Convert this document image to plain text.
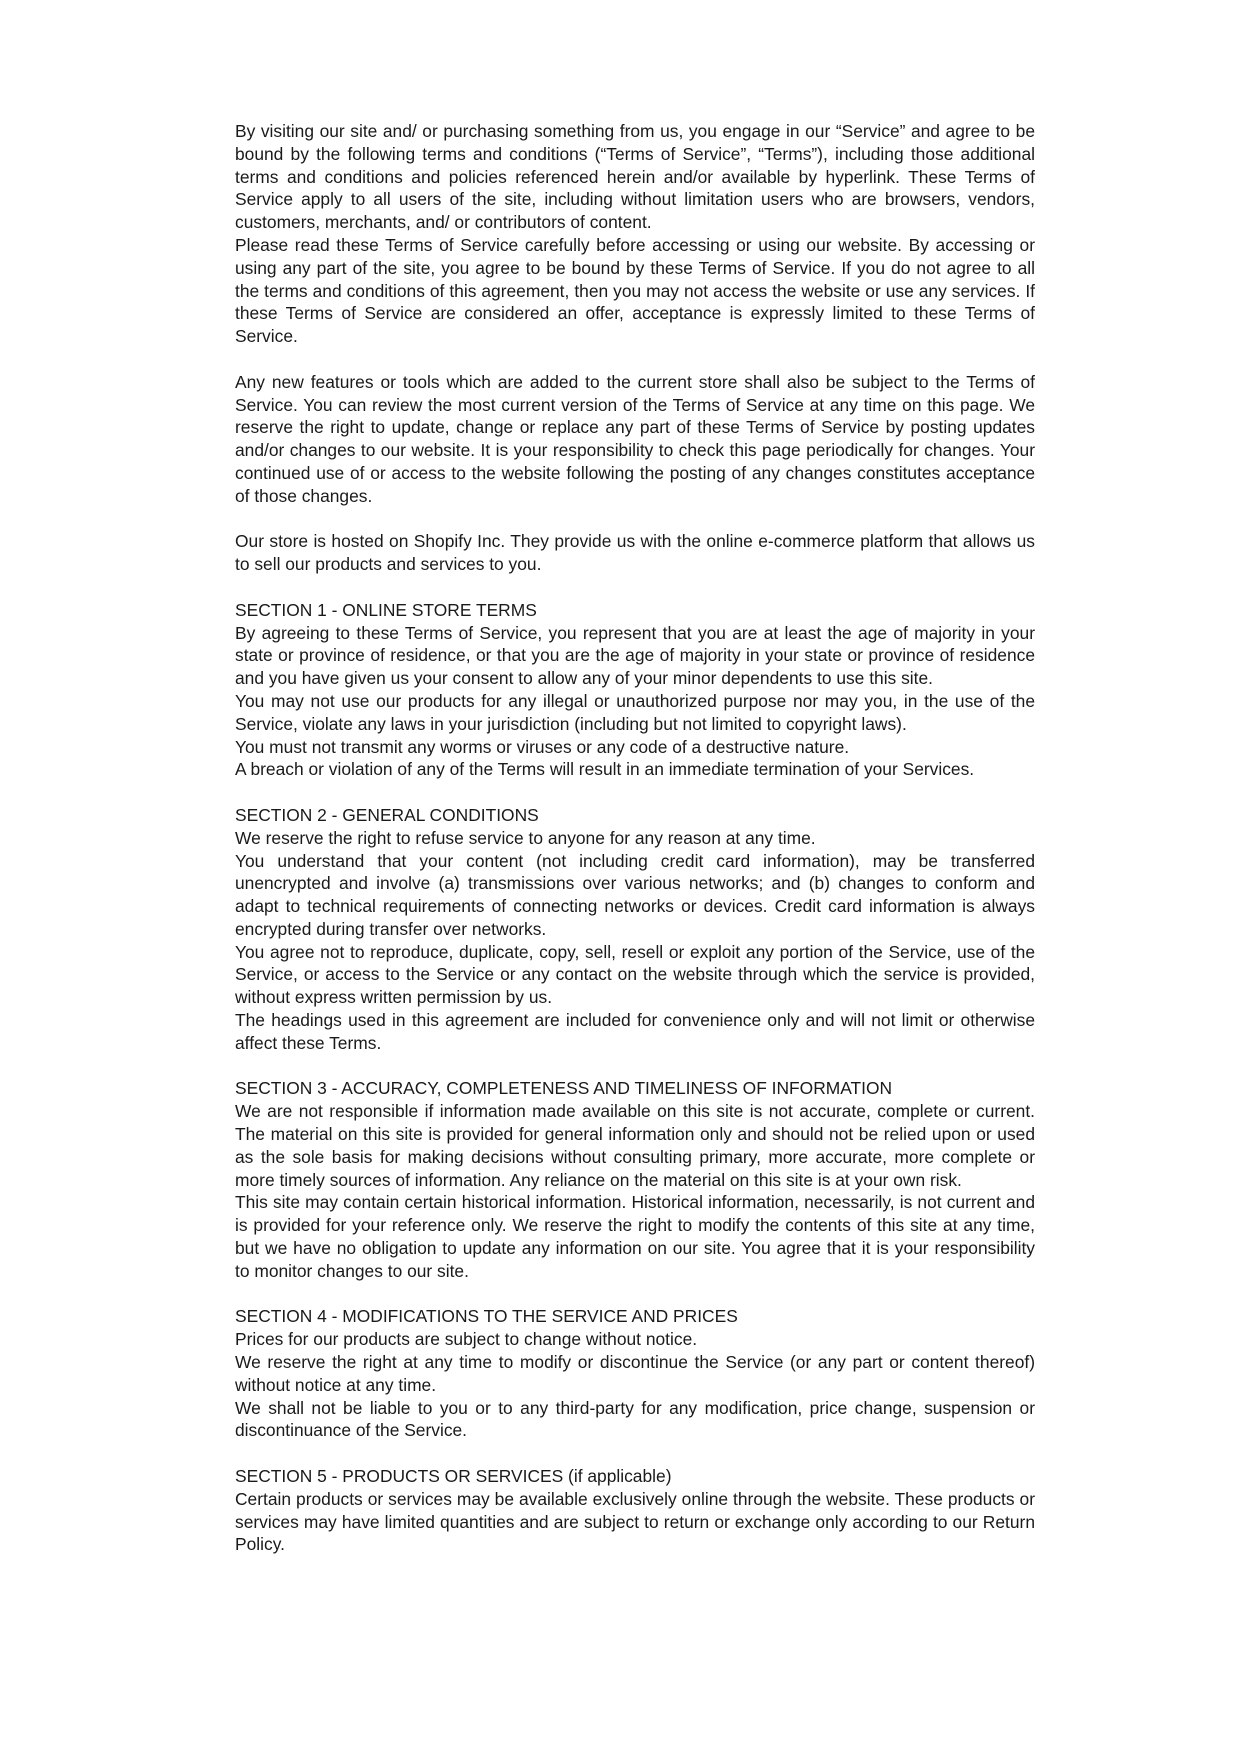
By visiting our site and/ or purchasing something from us, you engage in our “Service” and agree to be bound by the following terms and conditions (“Terms of Service”, “Terms”), including those additional terms and conditions and policies referenced herein and/or available by hyperlink. These Terms of Service apply to all users of the site, including without limitation users who are browsers, vendors, customers, merchants, and/ or contributors of content.

Please read these Terms of Service carefully before accessing or using our website. By accessing or using any part of the site, you agree to be bound by these Terms of Service. If you do not agree to all the terms and conditions of this agreement, then you may not access the website or use any services. If these Terms of Service are considered an offer, acceptance is expressly limited to these Terms of Service.

Any new features or tools which are added to the current store shall also be subject to the Terms of Service. You can review the most current version of the Terms of Service at any time on this page. We reserve the right to update, change or replace any part of these Terms of Service by posting updates and/or changes to our website. It is your responsibility to check this page periodically for changes. Your continued use of or access to the website following the posting of any changes constitutes acceptance of those changes.

Our store is hosted on Shopify Inc. They provide us with the online e-commerce platform that allows us to sell our products and services to you.

SECTION 1 - ONLINE STORE TERMS

By agreeing to these Terms of Service, you represent that you are at least the age of majority in your state or province of residence, or that you are the age of majority in your state or province of residence and you have given us your consent to allow any of your minor dependents to use this site.

You may not use our products for any illegal or unauthorized purpose nor may you, in the use of the Service, violate any laws in your jurisdiction (including but not limited to copyright laws).

You must not transmit any worms or viruses or any code of a destructive nature.

A breach or violation of any of the Terms will result in an immediate termination of your Services.

SECTION 2 - GENERAL CONDITIONS

We reserve the right to refuse service to anyone for any reason at any time.

You understand that your content (not including credit card information), may be transferred unencrypted and involve (a) transmissions over various networks; and (b) changes to conform and adapt to technical requirements of connecting networks or devices. Credit card information is always encrypted during transfer over networks.

You agree not to reproduce, duplicate, copy, sell, resell or exploit any portion of the Service, use of the Service, or access to the Service or any contact on the website through which the service is provided, without express written permission by us.

The headings used in this agreement are included for convenience only and will not limit or otherwise affect these Terms.

SECTION 3 - ACCURACY, COMPLETENESS AND TIMELINESS OF INFORMATION

We are not responsible if information made available on this site is not accurate, complete or current. The material on this site is provided for general information only and should not be relied upon or used as the sole basis for making decisions without consulting primary, more accurate, more complete or more timely sources of information. Any reliance on the material on this site is at your own risk.

This site may contain certain historical information. Historical information, necessarily, is not current and is provided for your reference only. We reserve the right to modify the contents of this site at any time, but we have no obligation to update any information on our site. You agree that it is your responsibility to monitor changes to our site.

SECTION 4 - MODIFICATIONS TO THE SERVICE AND PRICES

Prices for our products are subject to change without notice.

We reserve the right at any time to modify or discontinue the Service (or any part or content thereof) without notice at any time.

We shall not be liable to you or to any third-party for any modification, price change, suspension or discontinuance of the Service.

SECTION 5 - PRODUCTS OR SERVICES (if applicable)

Certain products or services may be available exclusively online through the website. These products or services may have limited quantities and are subject to return or exchange only according to our Return Policy.
